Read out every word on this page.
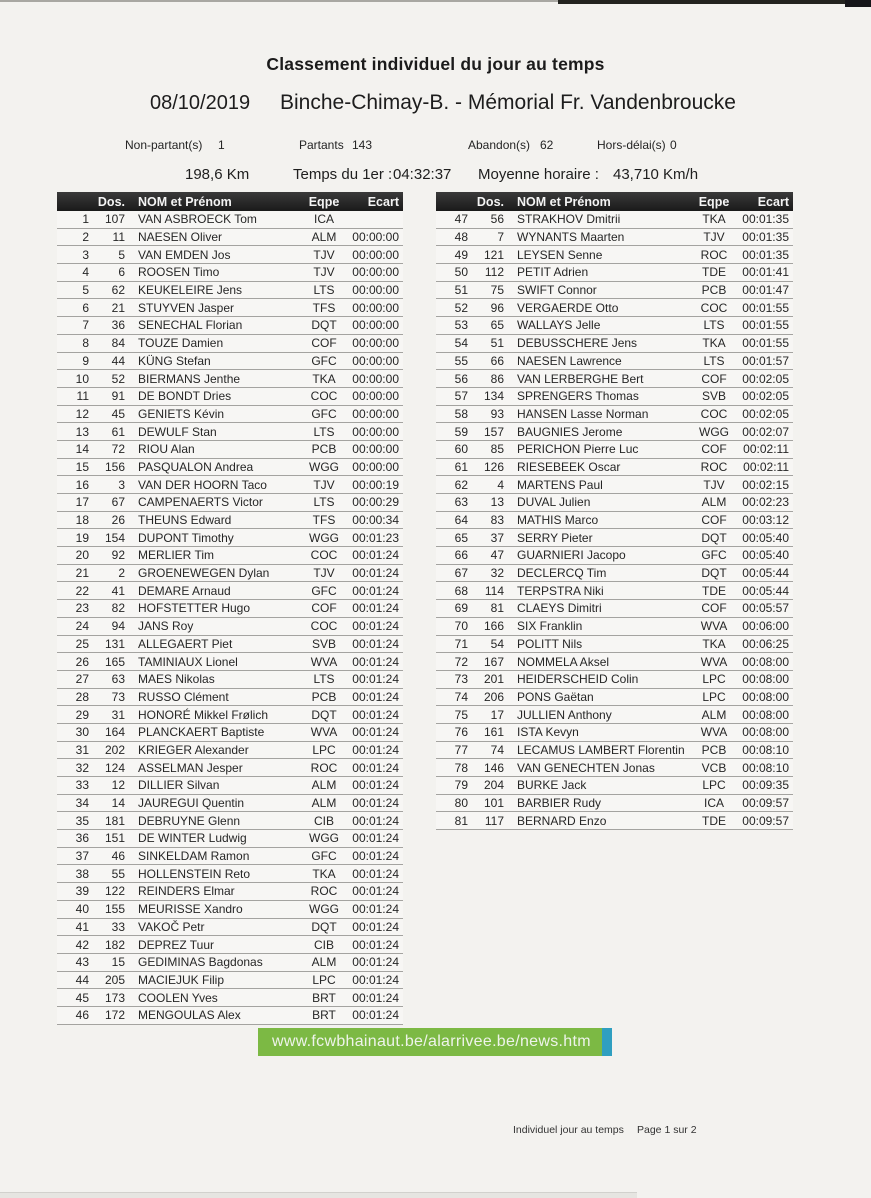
Classement individuel du jour au temps
08/10/2019 Binche-Chimay-B. - Mémorial Fr. Vandenbroucke
Non-partant(s) 1	Partants 143	Abandon(s) 62	Hors-délai(s) 0
198,6 Km	Temps du 1er : 04:32:37 Moyenne horaire : 43,710 Km/h
Dos. NOM et Prénom	Eqpe	Ecart
1	107 VAN ASBROECK Tom	ICA
2	11 NAESEN Oliver	ALM	00:00:00
3	5 VAN EMDEN Jos	TJV	00:00:00
4	6 ROOSEN Timo	TJV	00:00:00
5	62 KEUKELEIRE Jens	LTS	00:00:00
6	21 STUYVEN Jasper	TFS	00:00:00
7	36 SENECHAL Florian	DQT	00:00:00
8	84 TOUZE Damien	COF	00:00:00
9	44 KÜNG Stefan	GFC	00:00:00
10	52 BIERMANS Jenthe	TKA	00:00:00
11	91 DE BONDT Dries	COC	00:00:00
12	45 GENIETS Kévin	GFC	00:00:00
13	61 DEWULF Stan	LTS	00:00:00
14	72 RIOU Alan	PCB	00:00:00
15	156 PASQUALON Andrea	WGG	00:00:00
16	3 VAN DER HOORN Taco	TJV	00:00:19
17	67 CAMPENAERTS Victor	LTS	00:00:29
18	26 THEUNS Edward	TFS	00:00:34
19	154 DUPONT Timothy	WGG	00:01:23
20	92 MERLIER Tim	COC	00:01:24
21	2 GROENEWEGEN Dylan	TJV	00:01:24
22	41 DEMARE Arnaud	GFC	00:01:24
23	82 HOFSTETTER Hugo	COF	00:01:24
24	94 JANS Roy	COC	00:01:24
25	131 ALLEGAERT Piet	SVB	00:01:24
26	165 TAMINIAUX Lionel	WVA	00:01:24
27	63 MAES Nikolas	LTS	00:01:24
28	73 RUSSO Clément	PCB	00:01:24
29	31 HONORÉ Mikkel Frølich	DQT	00:01:24
30	164 PLANCKAERT Baptiste	WVA	00:01:24
31	202 KRIEGER Alexander	LPC	00:01:24
32	124 ASSELMAN Jesper	ROC	00:01:24
33	12 DILLIER Silvan	ALM	00:01:24
34	14 JAUREGUI Quentin	ALM	00:01:24
35	181 DEBRUYNE Glenn	CIB	00:01:24
36	151 DE WINTER Ludwig	WGG	00:01:24
37	46 SINKELDAM Ramon	GFC	00:01:24
38	55 HOLLENSTEIN Reto	TKA	00:01:24
39	122 REINDERS Elmar	ROC	00:01:24
40	155 MEURISSE Xandro	WGG	00:01:24
41	33 VAKOČ Petr	DQT	00:01:24
42	182 DEPREZ Tuur	CIB	00:01:24
43	15 GEDIMINAS Bagdonas	ALM	00:01:24
44	205 MACIEJUK Filip	LPC	00:01:24
45	173 COOLEN Yves	BRT	00:01:24
46	172 MENGOULAS Alex	BRT	00:01:24
Dos. NOM et Prénom	Eqpe	Ecart
47	56 STRAKHOV Dmitrii	TKA	00:01:35
48	7 WYNANTS Maarten	TJV	00:01:35
49	121 LEYSEN Senne	ROC	00:01:35
50	112 PETIT Adrien	TDE	00:01:41
51	75 SWIFT Connor	PCB	00:01:47
52	96 VERGAERDE Otto	COC	00:01:55
53	65 WALLAYS Jelle	LTS	00:01:55
54	51 DEBUSSCHERE Jens	TKA	00:01:55
55	66 NAESEN Lawrence	LTS	00:01:57
56	86 VAN LERBERGHE Bert	COF	00:02:05
57	134 SPRENGERS Thomas	SVB	00:02:05
58	93 HANSEN Lasse Norman	COC	00:02:05
59	157 BAUGNIES Jerome	WGG	00:02:07
60	85 PERICHON Pierre Luc	COF	00:02:11
61	126 RIESEBEEK Oscar	ROC	00:02:11
62	4 MARTENS Paul	TJV	00:02:15
63	13 DUVAL Julien	ALM	00:02:23
64	83 MATHIS Marco	COF	00:03:12
65	37 SERRY Pieter	DQT	00:05:40
66	47 GUARNIERI Jacopo	GFC	00:05:40
67	32 DECLERCQ Tim	DQT	00:05:44
68	114 TERPSTRA Niki	TDE	00:05:44
69	81 CLAEYS Dimitri	COF	00:05:57
70	166 SIX Franklin	WVA	00:06:00
71	54 POLITT Nils	TKA	00:06:25
72	167 NOMMELA Aksel	WVA	00:08:00
73	201 HEIDERSCHEID Colin	LPC	00:08:00
74	206 PONS Gaëtan	LPC	00:08:00
75	17 JULLIEN Anthony	ALM	00:08:00
76	161 ISTA Kevyn	WVA	00:08:00
77	74 LECAMUS LAMBERT Florentin	PCB	00:08:10
78	146 VAN GENECHTEN Jonas	VCB	00:08:10
79	204 BURKE Jack	LPC	00:09:35
80	101 BARBIER Rudy	ICA	00:09:57
81	117 BERNARD Enzo	TDE	00:09:57
www.fcwbhainaut.be/alarrivee.be/news.htm
Individuel jour au temps Page 1 sur 2
